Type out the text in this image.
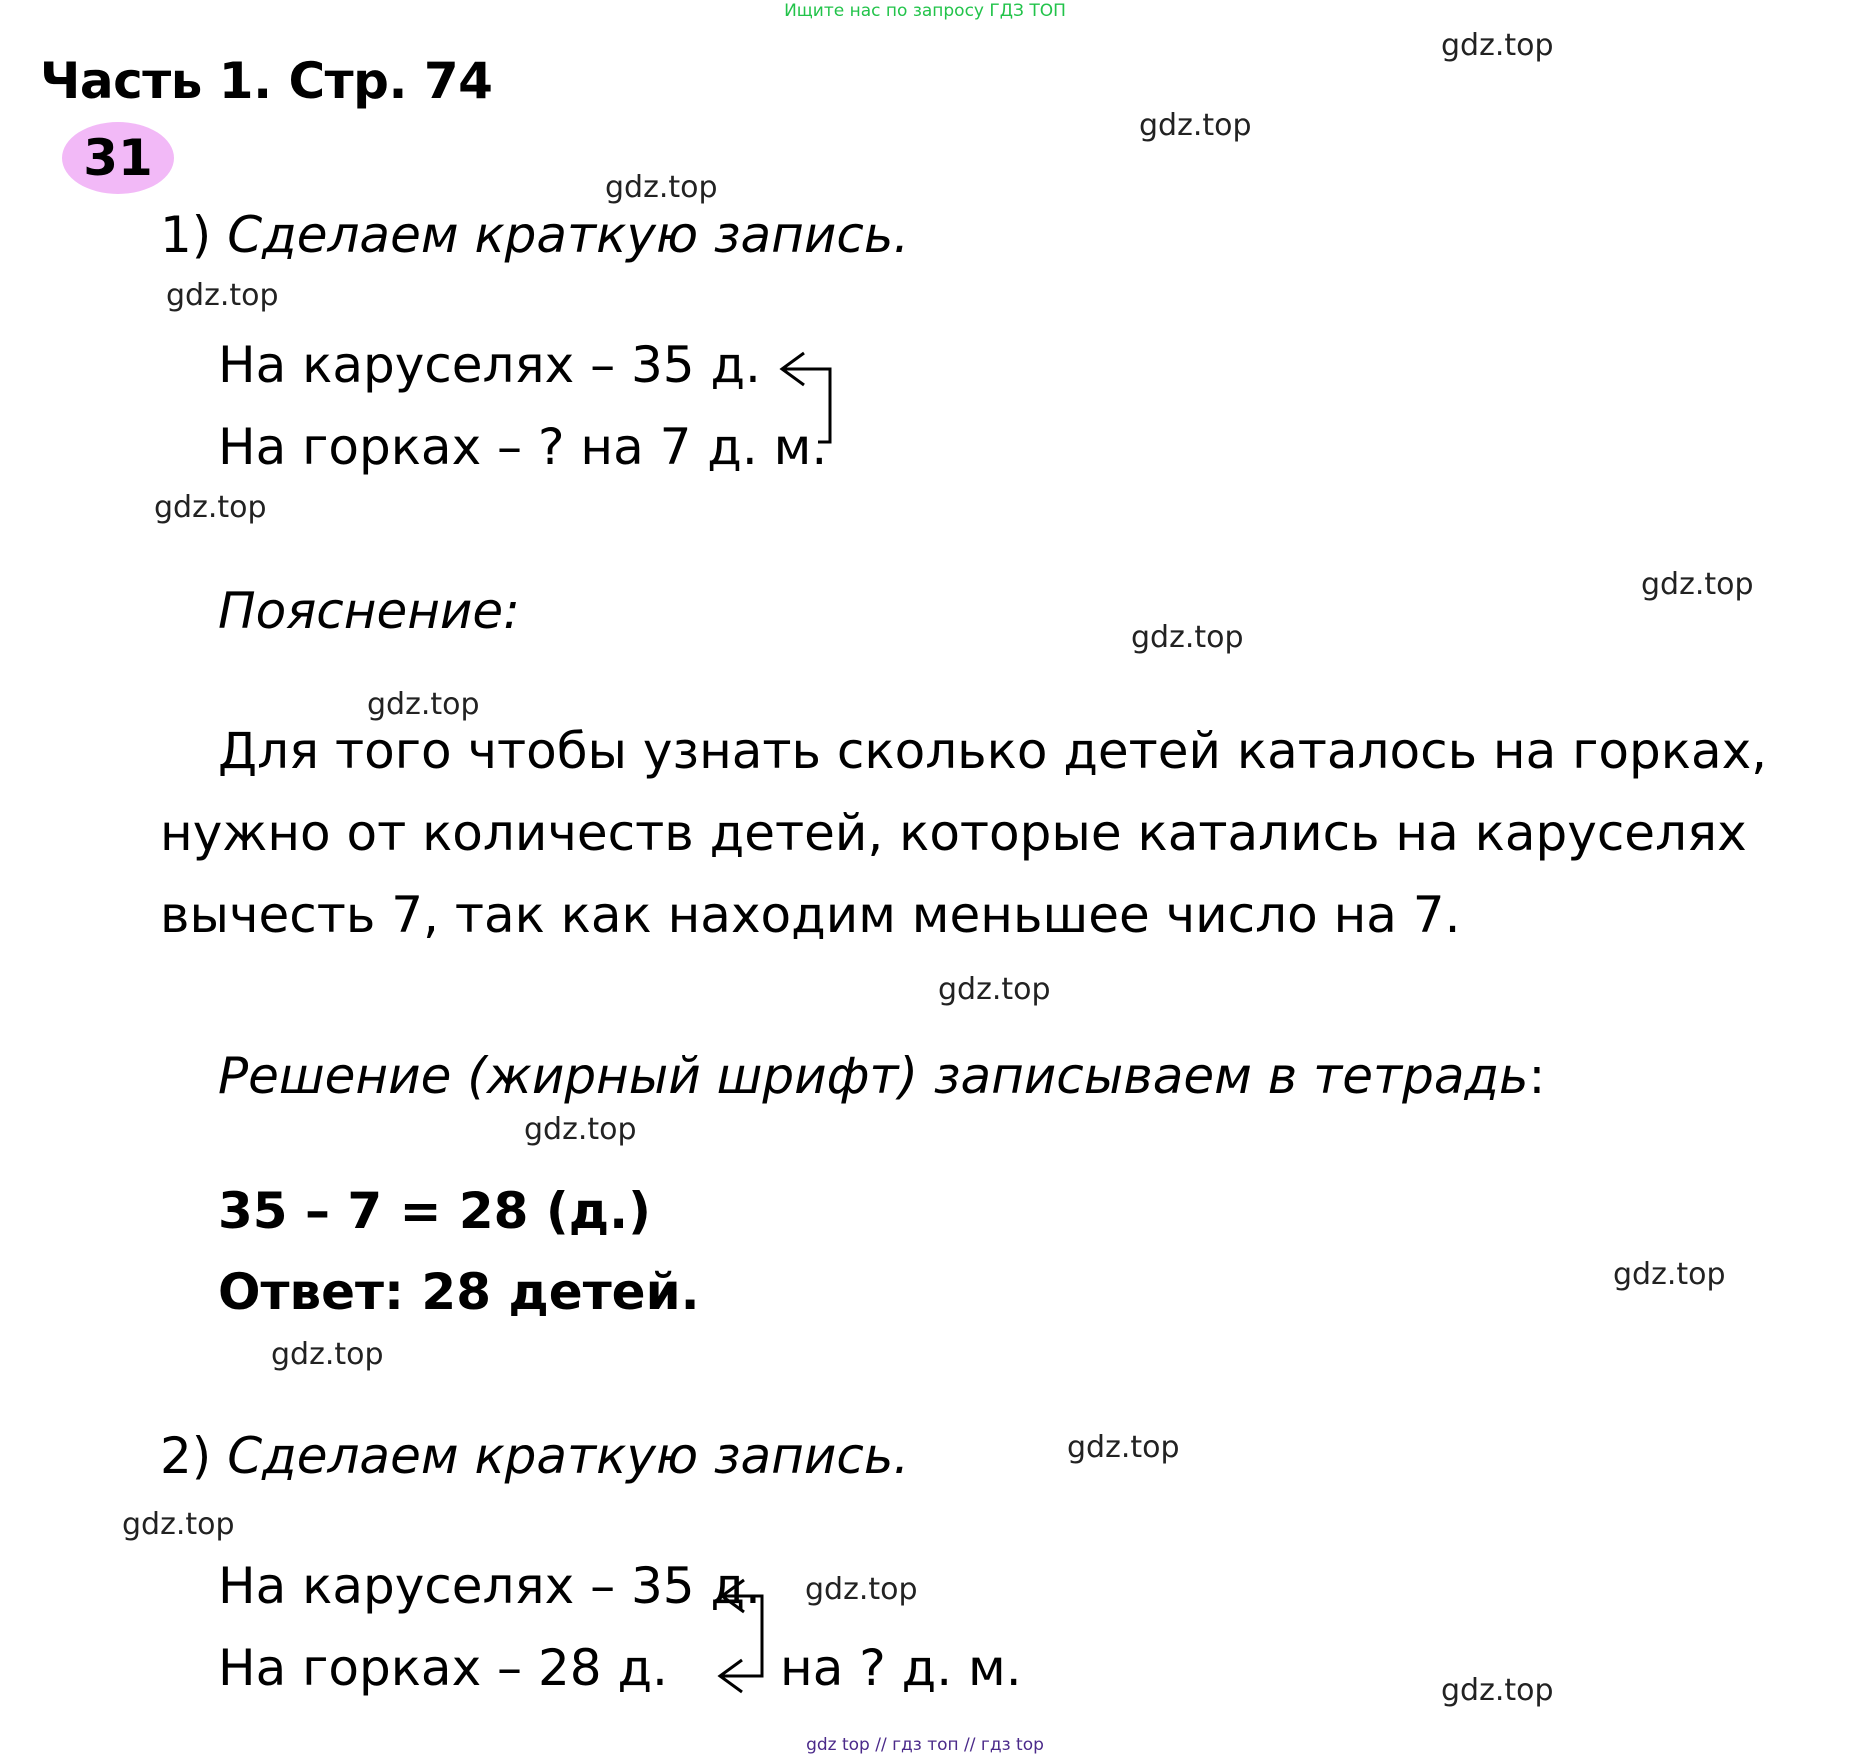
Ищите нас по запросу ГДЗ ТОП
Часть 1. Стр. 74
31
gdz.top
gdz.top
gdz.top
gdz.top
gdz.top
gdz.top
gdz.top
gdz.top
gdz.top
gdz.top
gdz.top
gdz.top
gdz.top
gdz.top
gdz.top
gdz.top
1) Сделаем краткую запись.
На каруселях – 35 д.
На горках – ? на 7 д. м.
Пояснение:
Для того чтобы узнать сколько детей каталось на горках, нужно от количеств детей, которые катались на каруселях вычесть 7, так как находим меньшее число на 7.
Решение (жирный шрифт) записываем в тетрадь:
35 – 7 = 28 (д.)
Ответ: 28 детей.
2) Сделаем краткую запись.
На каруселях – 35 д.
На горках – 28 д. на ? д. м.
gdz top // гдз топ // гдз top
